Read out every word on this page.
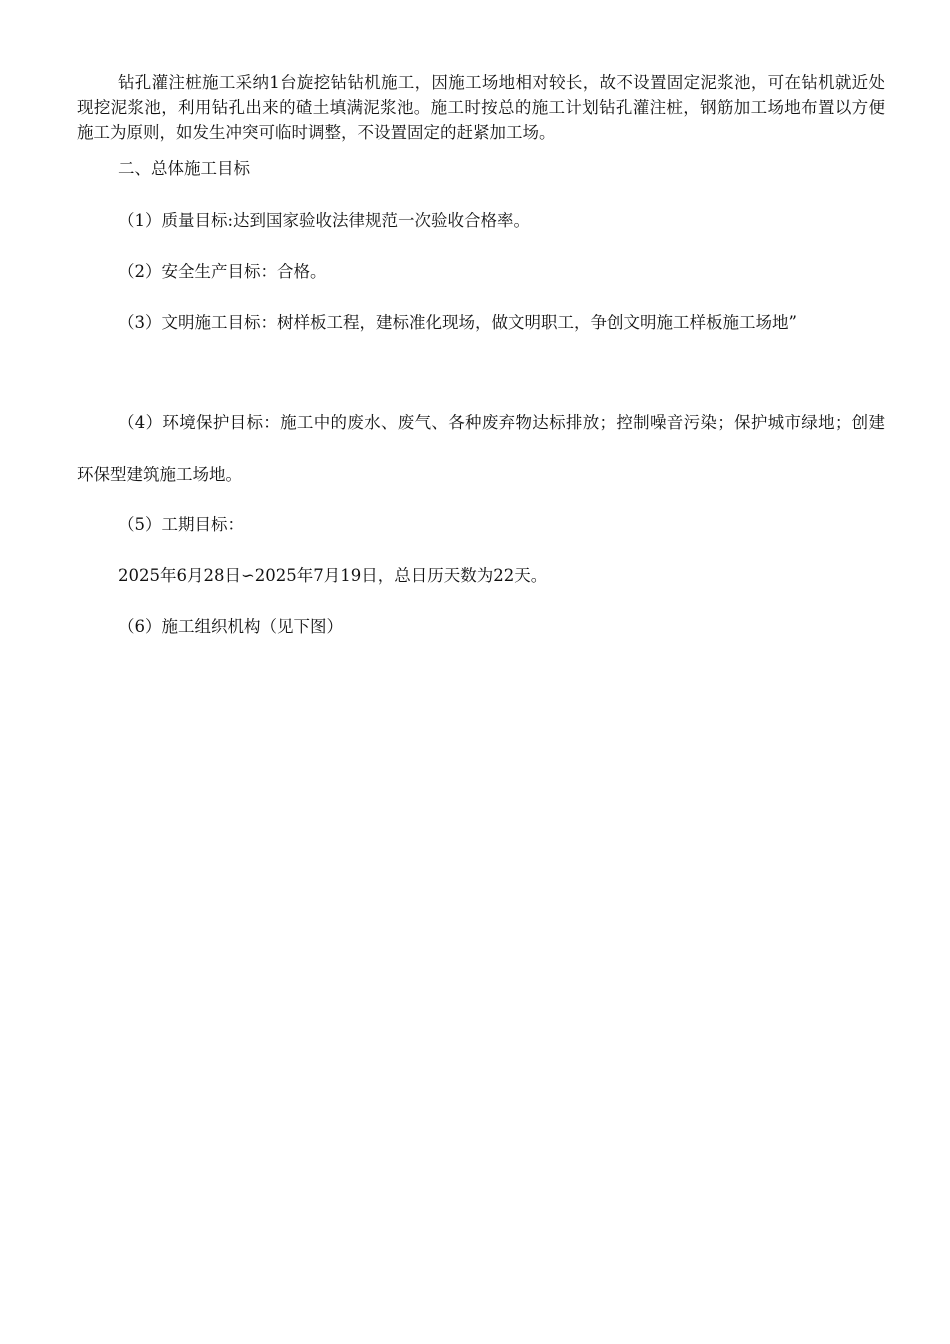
钻孔灌注桩施工采纳1台旋挖钻钻机施工，因施工场地相对较长，故不设置固定泥浆池，可在钻机就近处现挖泥浆池，利用钻孔出来的碴土填满泥浆池。施工时按总的施工计划钻孔灌注桩，钢筋加工场地布置以方便施工为原则，如发生冲突可临时调整，不设置固定的赶紧加工场。

二、总体施工目标

（1）质量目标:达到国家验收法律规范一次验收合格率。

（2）安全生产目标：合格。

（3）文明施工目标：树样板工程，建标准化现场，做文明职工，争创文明施工样板施工场地”

（4）环境保护目标：施工中的废水、废气、各种废弃物达标排放；控制噪音污染；保护城市绿地；创建环保型建筑施工场地。

（5）工期目标：

2025年6月28日∽2025年7月19日，总日历天数为22天。

（6）施工组织机构（见下图）
